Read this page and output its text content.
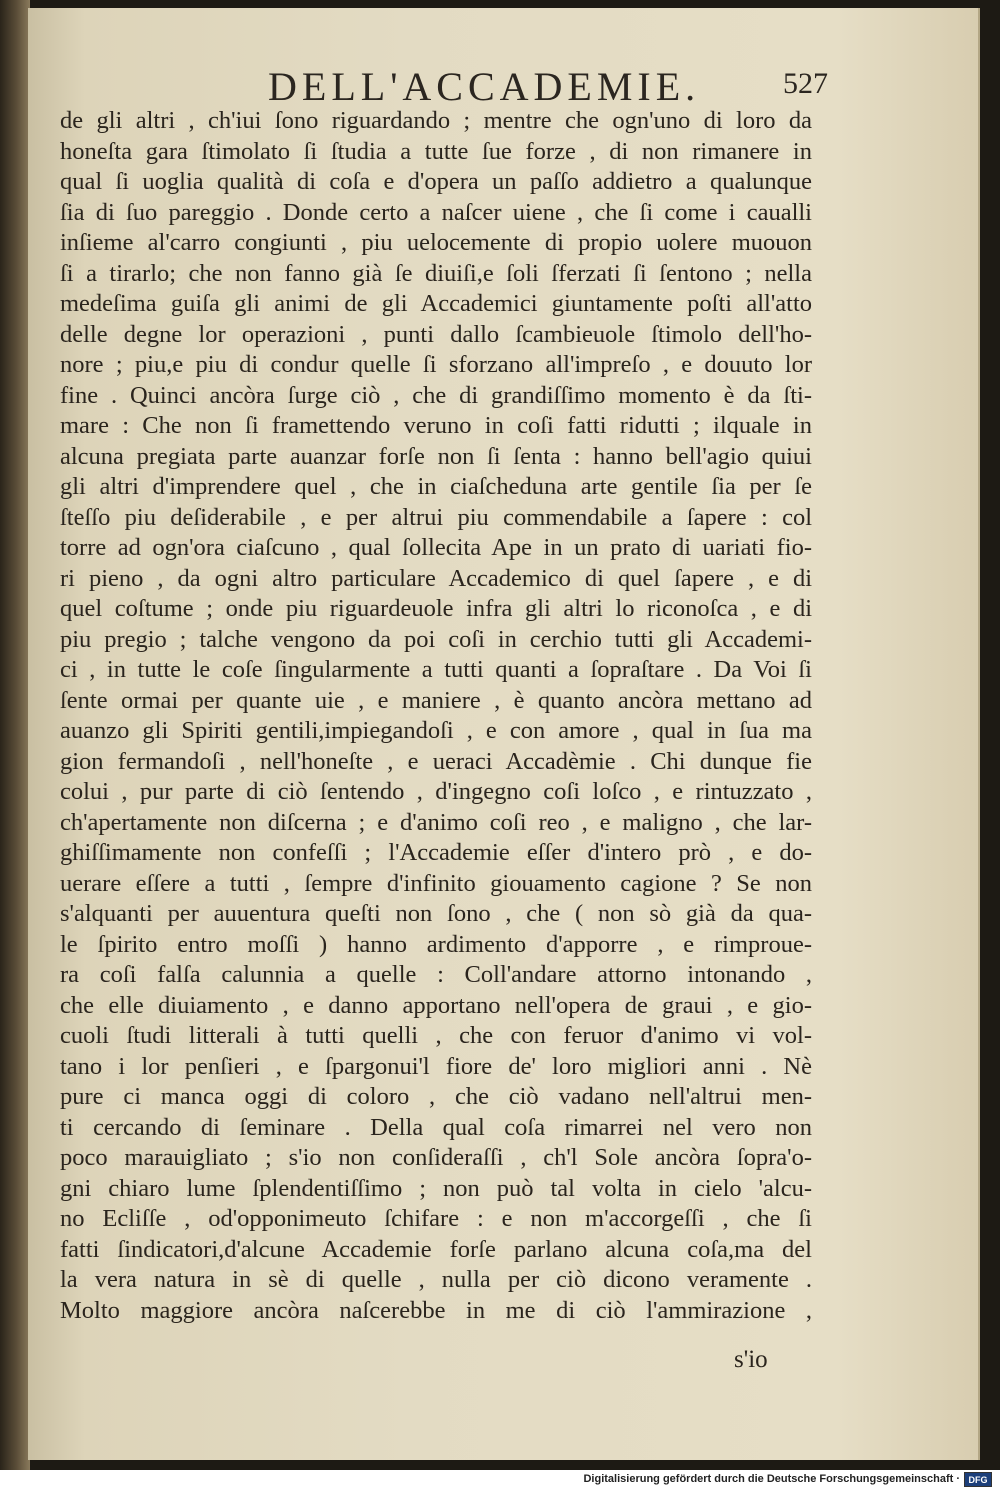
DELL'ACCADEMIE.	527
de gli altri , ch'iui ſono riguardando ; mentre che ogn'uno di loro da
honeſta gara ſtimolato ſi ſtudia a tutte ſue forze , di non rimanere in
qual ſi uoglia qualità di coſa e d'opera un paſſo addietro a qualunque
ſia di ſuo pareggio . Donde certo a naſcer uiene , che ſi come i caualli
inſieme al'carro congiunti , piu uelocemente di propio uolere muouon
ſi a tirarlo; che non fanno già ſe diuiſi,e ſoli ſferzati ſi ſentono ; nella
medeſima guiſa gli animi de gli Accademici giuntamente poſti all'atto
delle degne lor operazioni , punti dallo ſcambieuole ſtimolo dell'ho-
nore ; piu,e piu di condur quelle ſi sforzano all'impreſo , e douuto lor
fine . Quinci ancòra ſurge ciò , che di grandiſſimo momento è da ſti-
mare : Che non ſi framettendo veruno in coſi fatti ridutti ; ilquale in
alcuna pregiata parte auanzar forſe non ſi ſenta : hanno bell'agio quiui
gli altri d'imprendere quel , che in ciaſcheduna arte gentile ſia per ſe
ſteſſo piu deſiderabile , e per altrui piu commendabile a ſapere : col
torre ad ogn'ora ciaſcuno , qual ſollecita Ape in un prato di uariati fio-
ri pieno , da ogni altro particulare Accademico di quel ſapere , e di
quel coſtume ; onde piu riguardeuole infra gli altri lo riconoſca , e di
piu pregio ; talche vengono da poi coſi in cerchio tutti gli Accademi-
ci , in tutte le coſe ſingularmente a tutti quanti a ſopraſtare . Da Voi ſi
ſente ormai per quante uie , e maniere , è quanto ancòra mettano ad
auanzo gli Spiriti gentili,impiegandoſi , e con amore , qual in ſua ma
gion fermandoſi , nell'honeſte , e ueraci Accadèmie . Chi dunque fie
colui , pur parte di ciò ſentendo , d'ingegno coſi loſco , e rintuzzato ,
ch'apertamente non diſcerna ; e d'animo coſi reo , e maligno , che lar-
ghiſſimamente non confeſſi ; l'Accademie eſſer d'intero prò , e do-
uerare eſſere a tutti , ſempre d'infinito giouamento cagione ? Se non
s'alquanti per auuentura queſti non ſono , che ( non sò già da qua-
le ſpirito entro moſſi ) hanno ardimento d'apporre , e rimproue-
ra coſi falſa calunnia a quelle : Coll'andare attorno intonando ,
che elle diuiamento , e danno apportano nell'opera de graui , e gio-
cuoli ſtudi litterali à tutti quelli , che con feruor d'animo vi vol-
tano i lor penſieri , e ſpargonui'l fiore de' loro migliori anni . Nè
pure ci manca oggi di coloro , che ciò vadano nell'altrui men-
ti cercando di ſeminare . Della qual coſa rimarrei nel vero non
poco marauigliato ; s'io non conſideraſſi , ch'l Sole ancòra ſopra'o-
gni chiaro lume ſplendentiſſimo ; non può tal volta in cielo 'alcu-
no Ecliſſe , od'opponimeuto ſchifare : e non m'accorgeſſi , che ſi
fatti ſindicatori,d'alcune Accademie forſe parlano alcuna coſa,ma del
la vera natura in sè di quelle , nulla per ciò dicono veramente .
Molto maggiore ancòra naſcerebbe in me di ciò l'ammirazione ,
s'io
Digitalisierung gefördert durch die Deutsche Forschungsgemeinschaft · DFG
